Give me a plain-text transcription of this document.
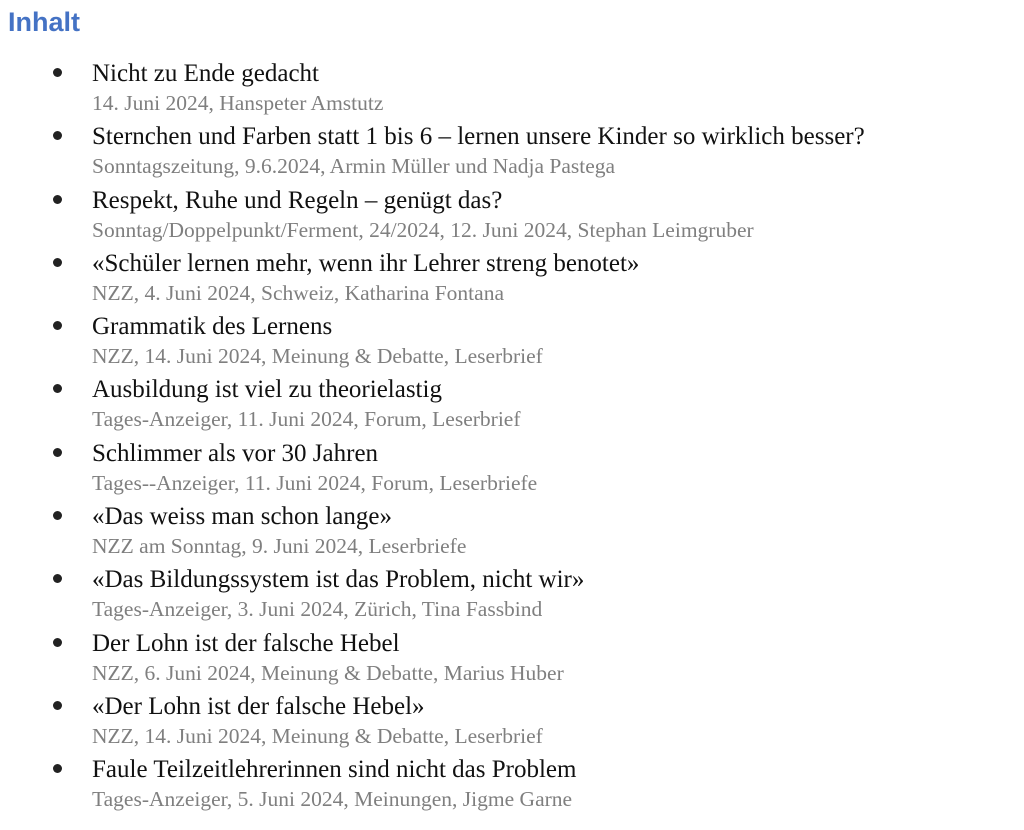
Inhalt
Nicht zu Ende gedacht
14. Juni 2024, Hanspeter Amstutz
Sternchen und Farben statt 1 bis 6 – lernen unsere Kinder so wirklich besser?
Sonntagszeitung, 9.6.2024, Armin Müller und Nadja Pastega
Respekt, Ruhe und Regeln – genügt das?
Sonntag/Doppelpunkt/Ferment, 24/2024, 12. Juni 2024, Stephan Leimgruber
«Schüler lernen mehr, wenn ihr Lehrer streng benotet»
NZZ, 4. Juni 2024, Schweiz, Katharina Fontana
Grammatik des Lernens
NZZ, 14. Juni 2024, Meinung & Debatte, Leserbrief
Ausbildung ist viel zu theorielastig
Tages-Anzeiger, 11. Juni 2024, Forum, Leserbrief
Schlimmer als vor 30 Jahren
Tages--Anzeiger, 11. Juni 2024, Forum, Leserbriefe
«Das weiss man schon lange»
NZZ am Sonntag, 9. Juni 2024, Leserbriefe
«Das Bildungssystem ist das Problem, nicht wir»
Tages-Anzeiger, 3. Juni 2024, Zürich, Tina Fassbind
Der Lohn ist der falsche Hebel
NZZ, 6. Juni 2024, Meinung & Debatte, Marius Huber
«Der Lohn ist der falsche Hebel»
NZZ, 14. Juni 2024, Meinung & Debatte, Leserbrief
Faule Teilzeitlehrerinnen sind nicht das Problem
Tages-Anzeiger, 5. Juni 2024, Meinungen, Jigme Garne
